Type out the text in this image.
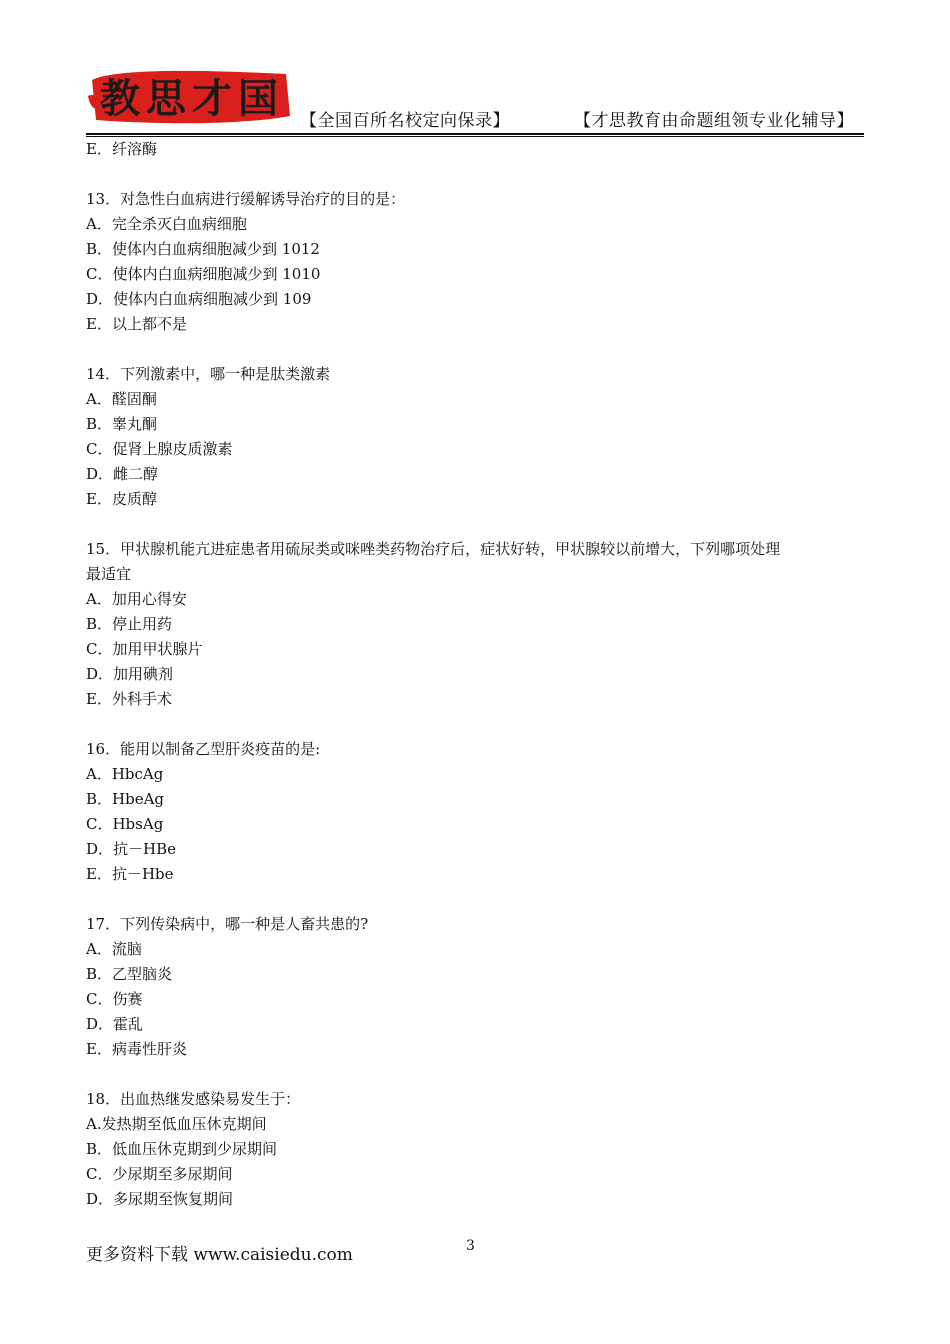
教思才国 【全国百所名校定向保录】	【才思教育由命题组领专业化辅导】
E．纤溶酶
13．对急性白血病进行缓解诱导治疗的目的是：
A．完全杀灭白血病细胞
B．使体内白血病细胞减少到 1012
C．使体内白血病细胞减少到 1010
D．使体内白血病细胞减少到 109
E．以上都不是
14．下列激素中，哪一种是肽类激素
A．醛固酮
B．睾丸酮
C．促肾上腺皮质激素
D．雌二醇
E．皮质醇
15．甲状腺机能亢进症患者用硫尿类或咪唑类药物治疗后，症状好转，甲状腺较以前增大，下列哪项处理
最适宜
A．加用心得安
B．停止用药
C．加用甲状腺片
D．加用碘剂
E．外科手术
16．能用以制备乙型肝炎疫苗的是:
A．HbcAg
B．HbeAg
C．HbsAg
D．抗－HBe
E．抗－Hbe
17．下列传染病中，哪一种是人畜共患的?
A．流脑
B．乙型脑炎
C．伤赛
D．霍乱
E．病毒性肝炎
18．出血热继发感染易发生于：
A.发热期至低血压休克期间
B．低血压休克期到少尿期间
C．少尿期至多尿期间
D．多尿期至恢复期间
更多资料下载 www.caisiedu.com	3
